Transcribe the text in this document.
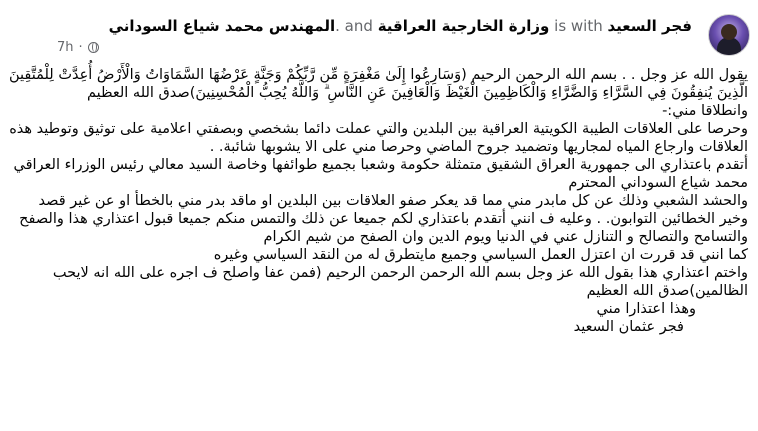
المهندس محمد شياع السوداني. and وزارة الخارجية العراقية is with فجر السعيد
7h ·

يقول الله عز وجل . . بسم الله الرحمن الرحيم (وَسَارِعُوا إِلَىٰ مَغْفِرَةٍ مِّن رَّبِّكُمْ وَجَنَّةٍ عَرْضُهَا السَّمَاوَاتُ وَالْأَرْضُ أُعِدَّتْ لِلْمُتَّقِينَ الَّذِينَ يُنفِقُونَ فِي السَّرَّاءِ وَالضَّرَّاءِ وَالْكَاظِمِينَ الْغَيْظَ وَالْعَافِينَ عَنِ النَّاسِ ۗ وَاللَّهُ يُحِبُّ الْمُحْسِنِينَ)صدق الله العظيم

وانطلاقا مني:-

وحرصا على العلاقات الطيبة الكويتية العراقية بين البلدين والتي عملت دائما بشخصي وبصفتي اعلامية على توثيق وتوطيد هذه العلاقات وارجاع المياه لمجاريها وتضميد جروح الماضي وحرصا مني على الا يشوبها شائبة. .

أتقدم باعتذاري الى جمهورية العراق الشقيق متمثلة حكومة وشعبا بجميع طوائفها وخاصة السيد معالي رئيس الوزراء العراقي محمد شياع السوداني المحترم

والحشد الشعبي وذلك عن كل مابدر مني مما قد يعكر صفو العلاقات بين البلدين او ماقد بدر مني بالخطأ او عن غير قصد وخير الخطائين التوابون. . وعليه ف انني أتقدم باعتذاري لكم جميعا عن ذلك والتمس منكم جميعا قبول اعتذاري هذا والصفح والتسامح والتصالح و التنازل عني في الدنيا ويوم الدين وان الصفح من شيم الكرام

كما انني قد قررت ان اعتزل العمل السياسي وجميع مايتطرق له من النقد السياسي وغيره

واختم اعتذاري هذا بقول الله عز وجل بسم الله الرحمن الرحمن الرحيم (فمن عفا واصلح ف اجره على الله انه لايحب الظالمين)صدق الله العظيم

وهذا اعتذارا مني

فجر عثمان السعيد
